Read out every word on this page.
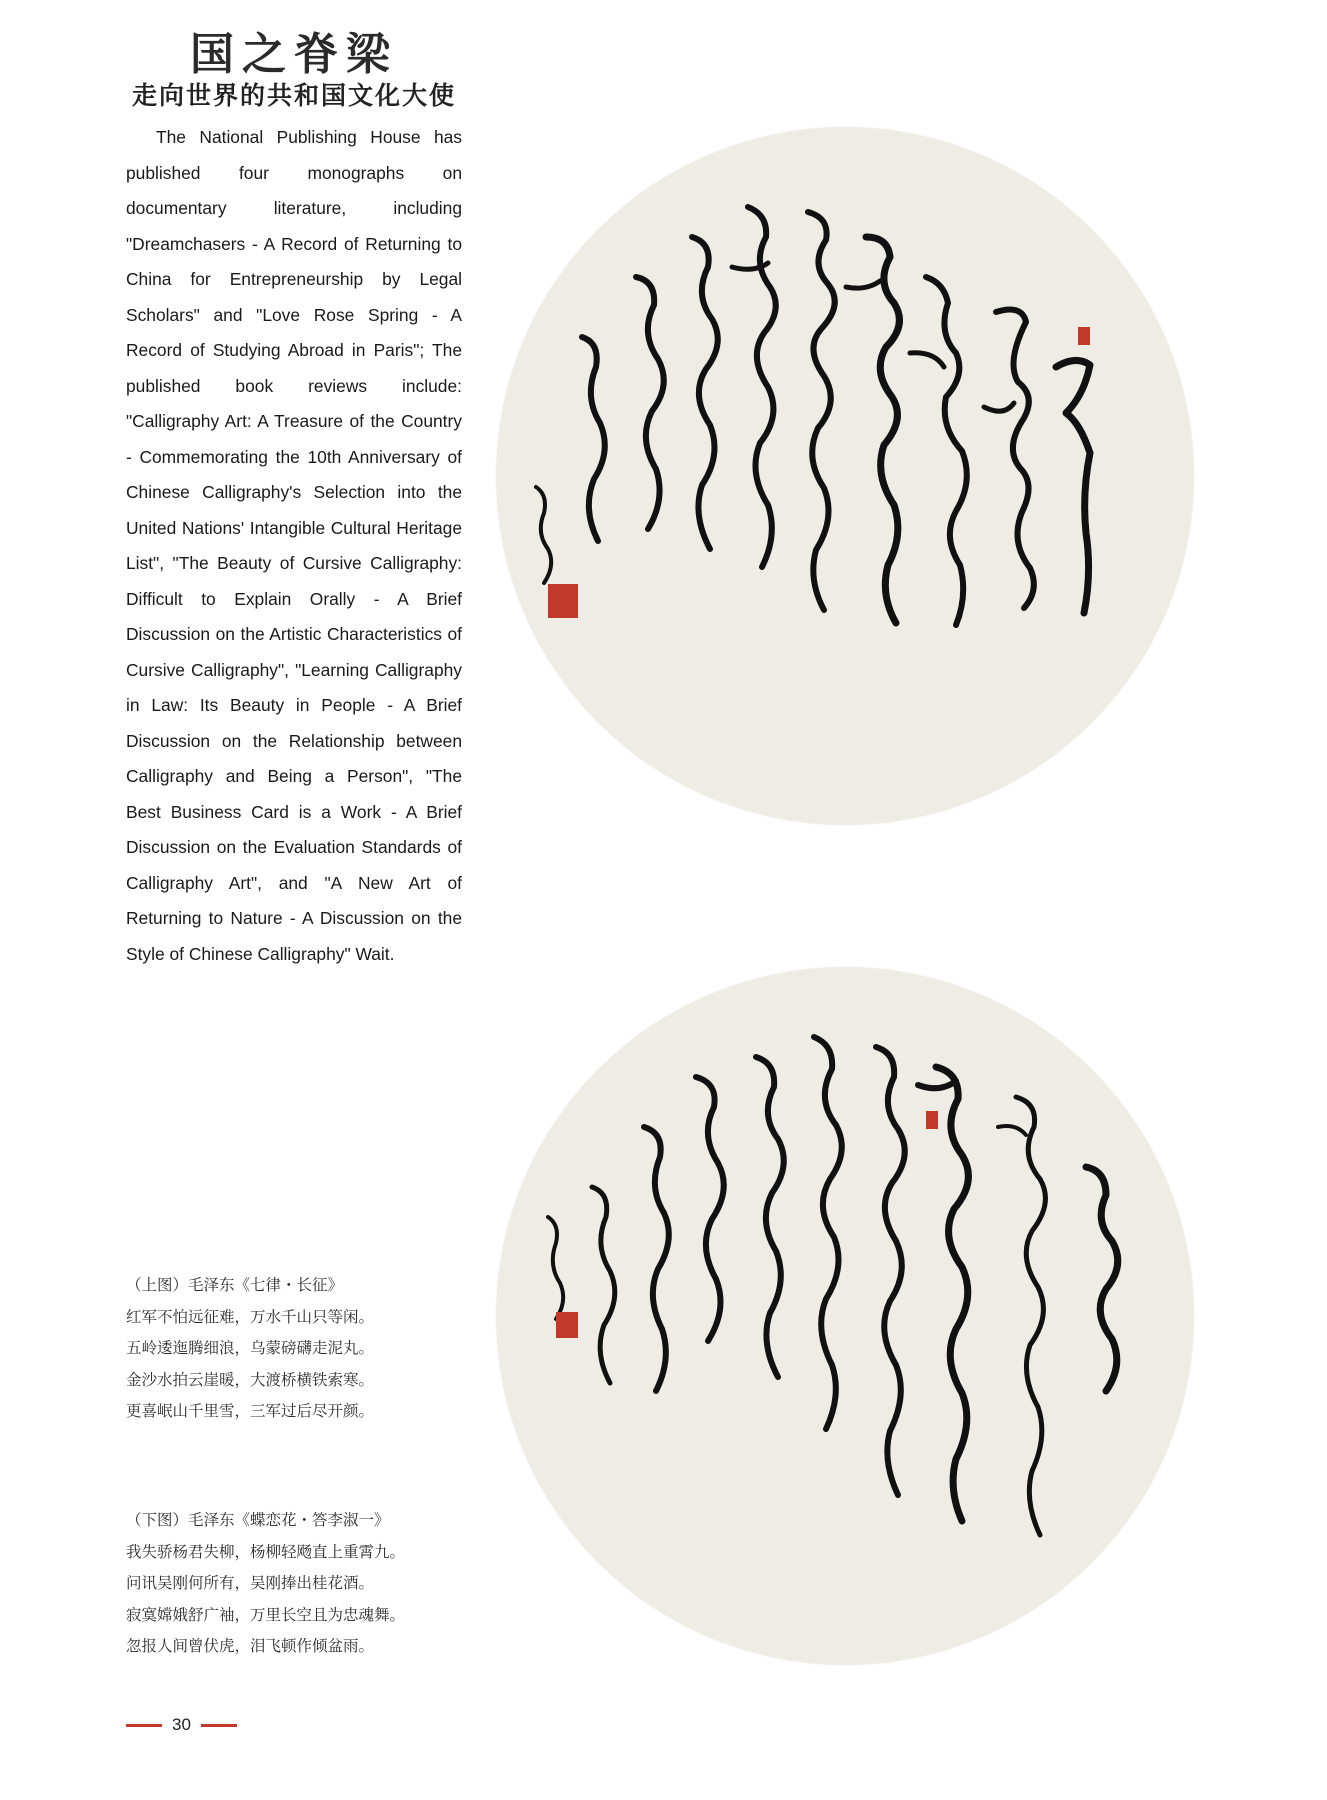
国之脊梁
走向世界的共和国文化大使

The National Publishing House has published four monographs on documentary literature, including "Dreamchasers - A Record of Returning to China for Entrepreneurship by Legal Scholars" and "Love Rose Spring - A Record of Studying Abroad in Paris"; The published book reviews include: "Calligraphy Art: A Treasure of the Country - Commemorating the 10th Anniversary of Chinese Calligraphy's Selection into the United Nations' Intangible Cultural Heritage List", "The Beauty of Cursive Calligraphy: Difficult to Explain Orally - A Brief Discussion on the Artistic Characteristics of Cursive Calligraphy", "Learning Calligraphy in Law: Its Beauty in People - A Brief Discussion on the Relationship between Calligraphy and Being a Person", "The Best Business Card is a Work - A Brief Discussion on the Evaluation Standards of Calligraphy Art", and "A New Art of Returning to Nature - A Discussion on the Style of Chinese Calligraphy" Wait.

（上图）毛泽东《七律・长征》
红军不怕远征难，万水千山只等闲。
五岭逶迤腾细浪，乌蒙磅礴走泥丸。
金沙水拍云崖暖，大渡桥横铁索寒。
更喜岷山千里雪，三军过后尽开颜。
（下图）毛泽东《蝶恋花・答李淑一》
我失骄杨君失柳，杨柳轻飏直上重霄九。
问讯吴刚何所有，吴刚捧出桂花酒。
寂寞嫦娥舒广袖，万里长空且为忠魂舞。
忽报人间曾伏虎，泪飞顿作倾盆雨。
30
